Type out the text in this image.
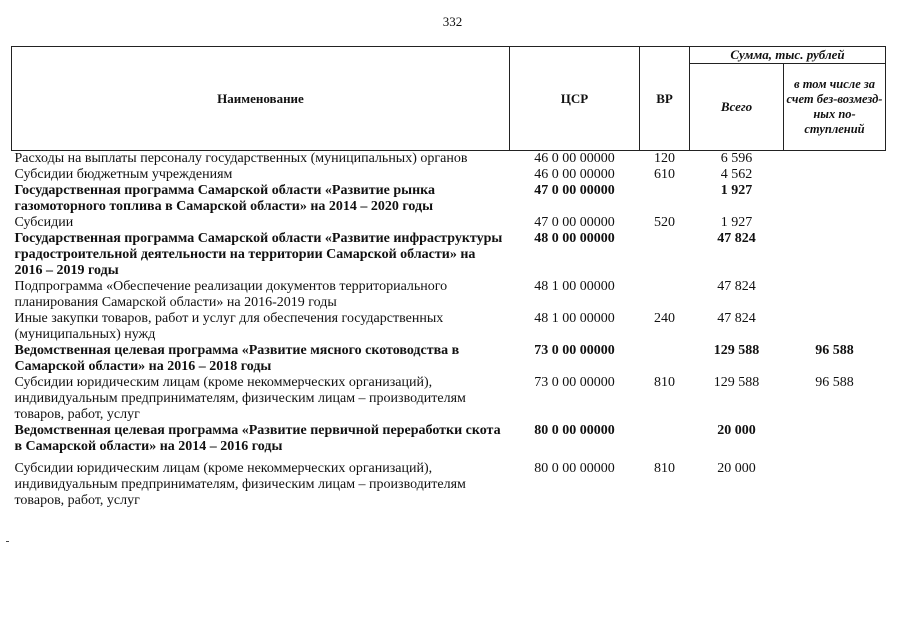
332
Наименование	ЦСР	ВР	Сумма, тыс. рублей	
			Всего	в том числе за счет без-возмезд-ных по-ступлений
Расходы на выплаты персоналу государственных (муниципальных) органов	46 0 00 00000	120	6 596	
Субсидии бюджетным учреждениям	46 0 00 00000	610	4 562	
Государственная программа Самарской области «Развитие рынка газомоторного топлива в Самарской области» на 2014 – 2020 годы	47 0 00 00000		1 927	
Субсидии	47 0 00 00000	520	1 927	
Государственная программа Самарской области «Развитие инфраструктуры градостроительной деятельности на территории Самарской области» на 2016 – 2019 годы	48 0 00 00000		47 824	
Подпрограмма «Обеспечение реализации документов территориального планирования Самарской области» на 2016-2019 годы	48 1 00 00000		47 824	
Иные закупки товаров, работ и услуг для обеспечения государственных (муниципальных) нужд	48 1 00 00000	240	47 824	
Ведомственная целевая программа «Развитие мясного скотоводства в Самарской области» на 2016 – 2018 годы	73 0 00 00000		129 588	96 588
Субсидии юридическим лицам (кроме некоммерческих организаций), индивидуальным предпринимателям, физическим лицам – производителям товаров, работ, услуг	73 0 00 00000	810	129 588	96 588
Ведомственная целевая программа «Развитие первичной переработки скота в Самарской области» на 2014 – 2016 годы	80 0 00 00000		20 000	
Субсидии юридическим лицам (кроме некоммерческих организаций), индивидуальным предпринимателям, физическим лицам – производителям товаров, работ, услуг	80 0 00 00000	810	20 000	
